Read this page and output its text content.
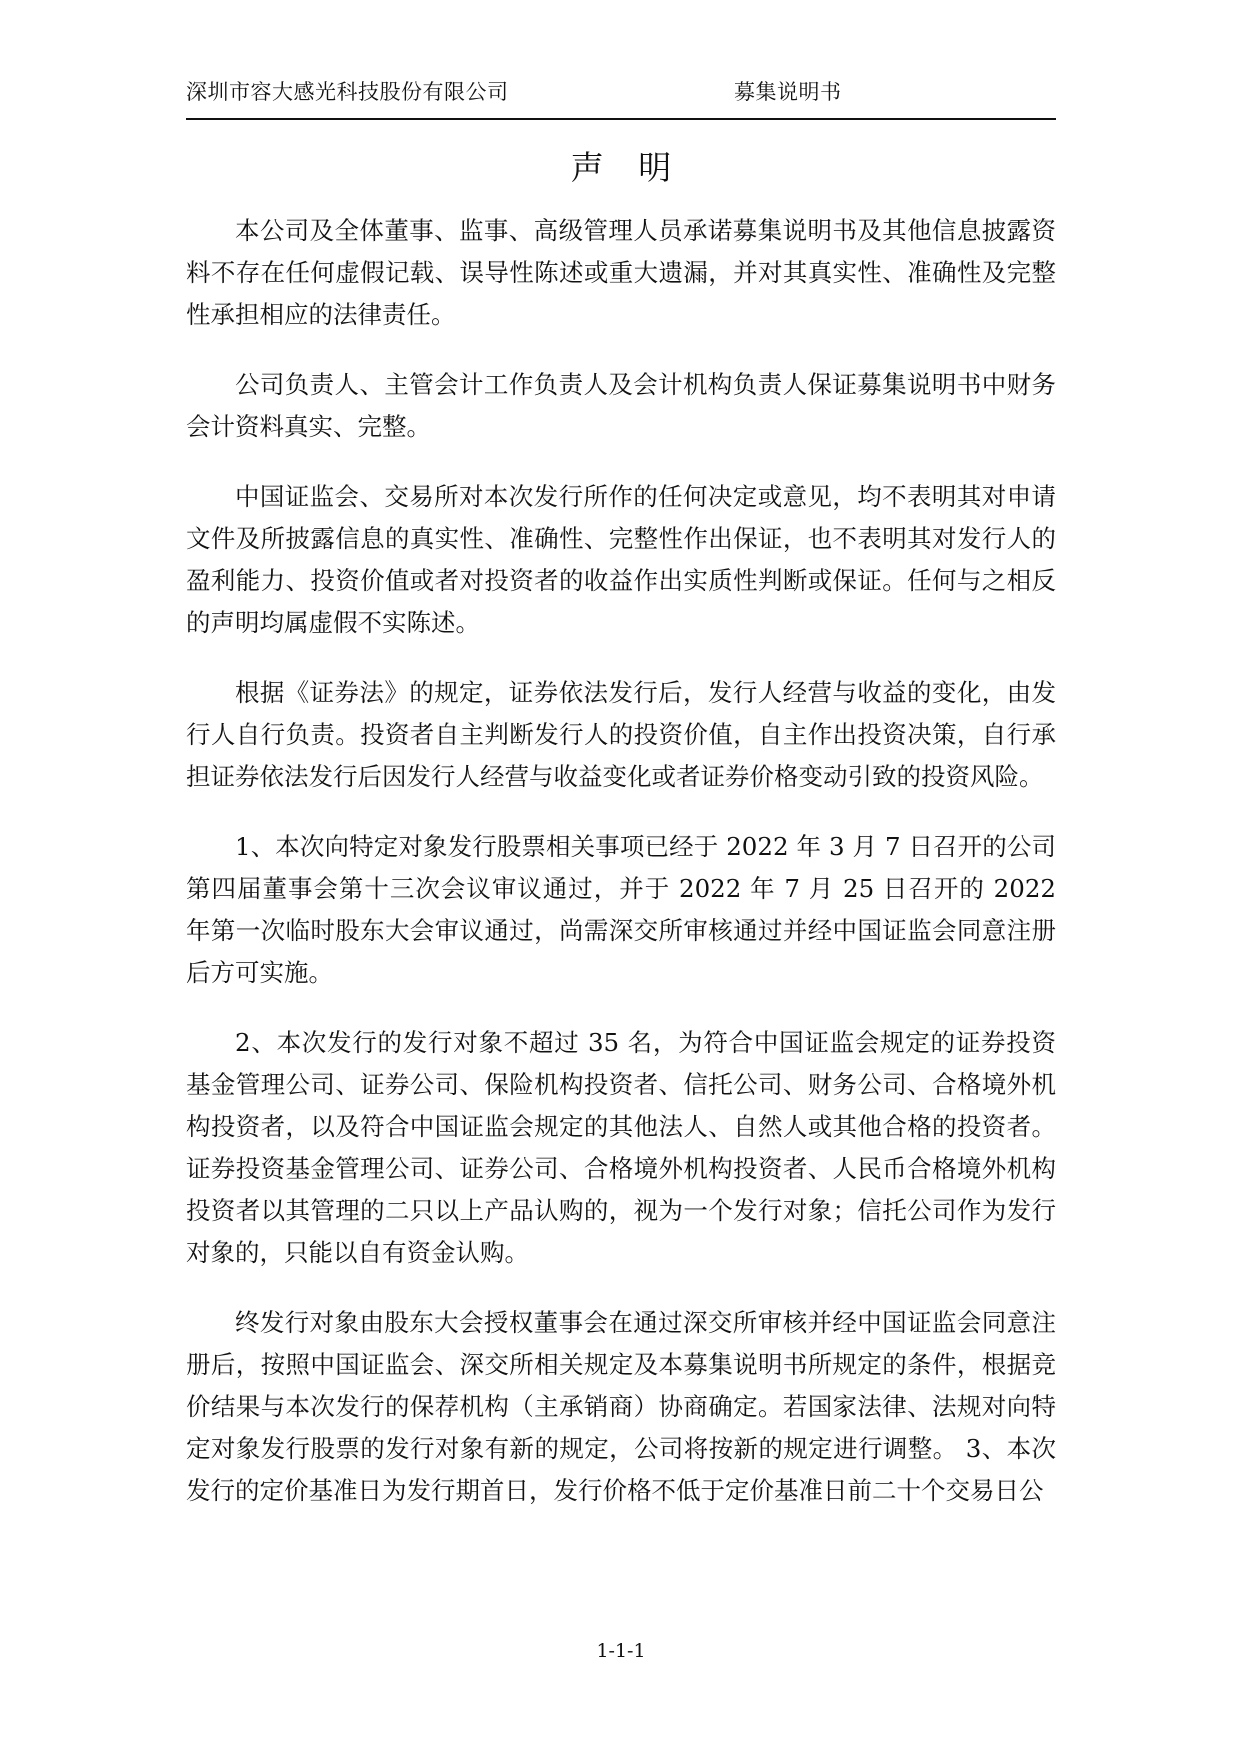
深圳市容大感光科技股份有限公司	募集说明书
声 明

本公司及全体董事、监事、高级管理人员承诺募集说明书及其他信息披露资料不存在任何虚假记载、误导性陈述或重大遗漏，并对其真实性、准确性及完整性承担相应的法律责任。

公司负责人、主管会计工作负责人及会计机构负责人保证募集说明书中财务会计资料真实、完整。

中国证监会、交易所对本次发行所作的任何决定或意见，均不表明其对申请文件及所披露信息的真实性、准确性、完整性作出保证，也不表明其对发行人的盈利能力、投资价值或者对投资者的收益作出实质性判断或保证。任何与之相反的声明均属虚假不实陈述。

根据《证券法》的规定，证券依法发行后，发行人经营与收益的变化，由发行人自行负责。投资者自主判断发行人的投资价值，自主作出投资决策，自行承担证券依法发行后因发行人经营与收益变化或者证券价格变动引致的投资风险。

1、本次向特定对象发行股票相关事项已经于 2022 年 3 月 7 日召开的公司第四届董事会第十三次会议审议通过，并于 2022 年 7 月 25 日召开的 2022 年第一次临时股东大会审议通过，尚需深交所审核通过并经中国证监会同意注册后方可实施。

2、本次发行的发行对象不超过 35 名，为符合中国证监会规定的证券投资基金管理公司、证券公司、保险机构投资者、信托公司、财务公司、合格境外机构投资者，以及符合中国证监会规定的其他法人、自然人或其他合格的投资者。证券投资基金管理公司、证券公司、合格境外机构投资者、人民币合格境外机构投资者以其管理的二只以上产品认购的，视为一个发行对象；信托公司作为发行对象的，只能以自有资金认购。

终发行对象由股东大会授权董事会在通过深交所审核并经中国证监会同意注册后，按照中国证监会、深交所相关规定及本募集说明书所规定的条件，根据竞价结果与本次发行的保荐机构（主承销商）协商确定。若国家法律、法规对向特定对象发行股票的发行对象有新的规定，公司将按新的规定进行调整。 3、本次发行的定价基准日为发行期首日，发行价格不低于定价基准日前二十个交易日公

1-1-1
